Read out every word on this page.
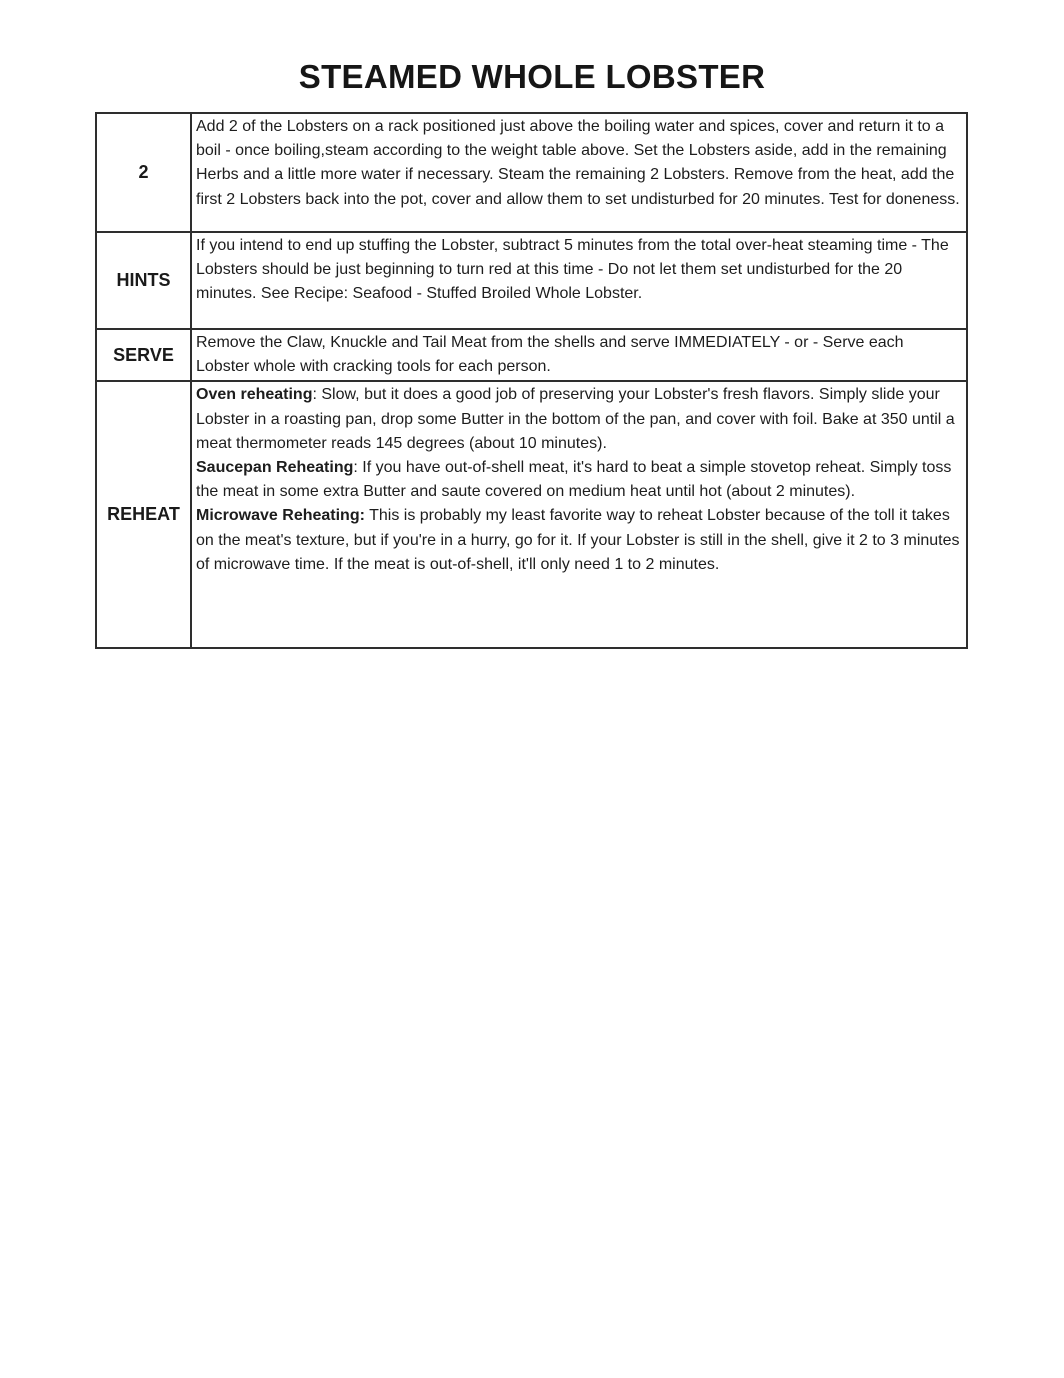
STEAMED WHOLE LOBSTER
2	Add 2 of the Lobsters on a rack positioned just above the boiling water and spices, cover and return it to a boil - once boiling,steam according to the weight table above. Set the Lobsters aside, add in the remaining Herbs and a little more water if necessary. Steam the remaining 2 Lobsters. Remove from the heat, add the first 2 Lobsters back into the pot, cover and allow them to set undisturbed for 20 minutes. Test for doneness.

HINTS	If you intend to end up stuffing the Lobster, subtract 5 minutes from the total over-heat steaming time - The Lobsters should be just beginning to turn red at this time - Do not let them set undisturbed for the 20 minutes. See Recipe: Seafood - Stuffed Broiled Whole Lobster.

SERVE	Remove the Claw, Knuckle and Tail Meat from the shells and serve IMMEDIATELY - or - Serve each Lobster whole with cracking tools for each person.

REHEAT	Oven reheating: Slow, but it does a good job of preserving your Lobster's fresh flavors. Simply slide your Lobster in a roasting pan, drop some Butter in the bottom of the pan, and cover with foil. Bake at 350 until a meat thermometer reads 145 degrees (about 10 minutes).
Saucepan Reheating: If you have out-of-shell meat, it's hard to beat a simple stovetop reheat. Simply toss the meat in some extra Butter and saute covered on medium heat until hot (about 2 minutes).
Microwave Reheating: This is probably my least favorite way to reheat Lobster because of the toll it takes on the meat's texture, but if you're in a hurry, go for it. If your Lobster is still in the shell, give it 2 to 3 minutes of microwave time. If the meat is out-of-shell, it'll only need 1 to 2 minutes.
